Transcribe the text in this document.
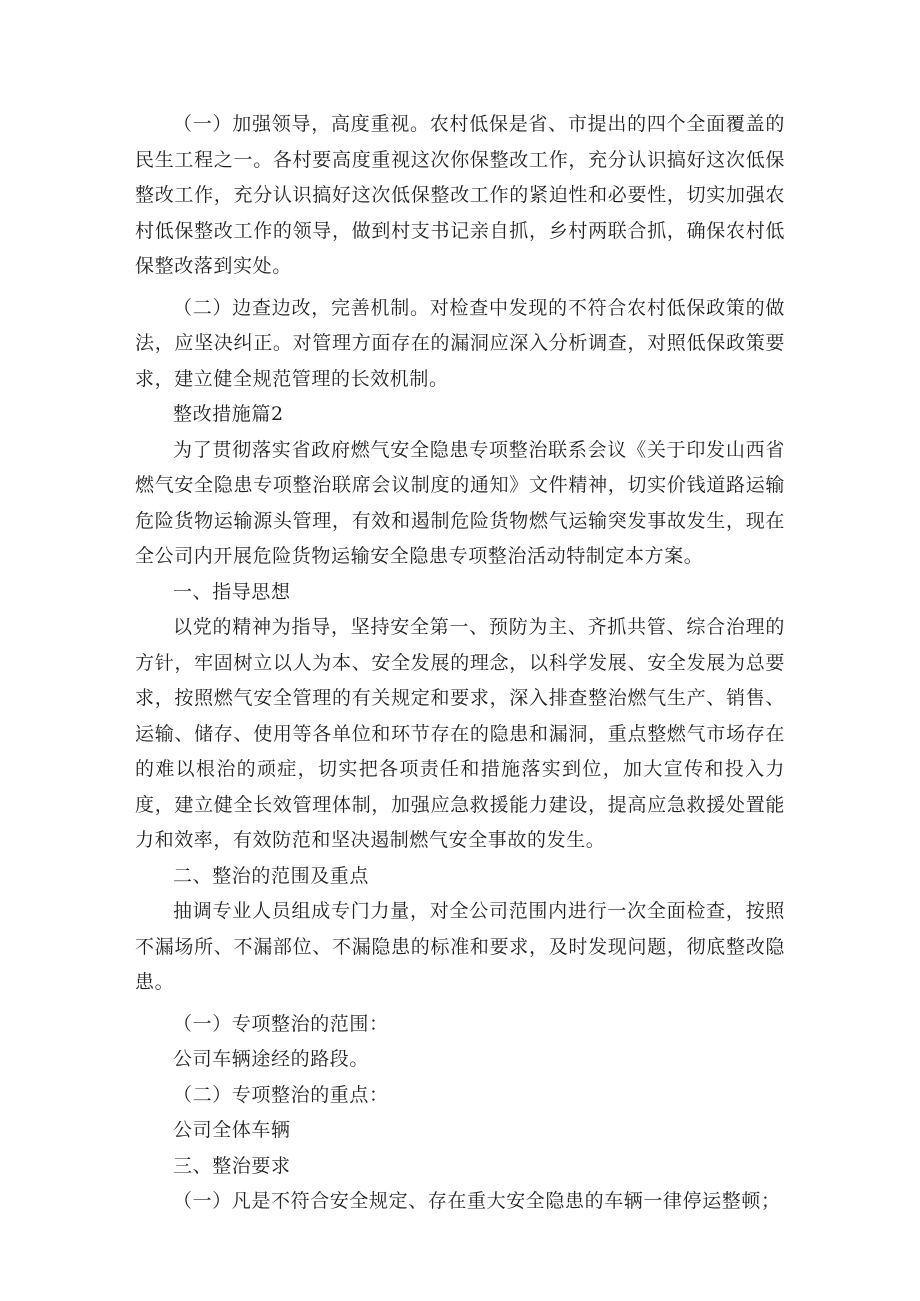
（一）加强领导，高度重视。农村低保是省、市提出的四个全面覆盖的民生工程之一。各村要高度重视这次你保整改工作，充分认识搞好这次低保整改工作，充分认识搞好这次低保整改工作的紧迫性和必要性，切实加强农村低保整改工作的领导，做到村支书记亲自抓，乡村两联合抓，确保农村低保整改落到实处。

（二）边查边改，完善机制。对检查中发现的不符合农村低保政策的做法，应坚决纠正。对管理方面存在的漏洞应深入分析调查，对照低保政策要求，建立健全规范管理的长效机制。

整改措施篇2

为了贯彻落实省政府燃气安全隐患专项整治联系会议《关于印发山西省燃气安全隐患专项整治联席会议制度的通知》文件精神，切实价钱道路运输危险货物运输源头管理，有效和遏制危险货物燃气运输突发事故发生，现在全公司内开展危险货物运输安全隐患专项整治活动特制定本方案。

一、指导思想

以党的精神为指导，坚持安全第一、预防为主、齐抓共管、综合治理的方针，牢固树立以人为本、安全发展的理念，以科学发展、安全发展为总要求，按照燃气安全管理的有关规定和要求，深入排查整治燃气生产、销售、运输、储存、使用等各单位和环节存在的隐患和漏洞，重点整燃气市场存在的难以根治的顽症，切实把各项责任和措施落实到位，加大宣传和投入力度，建立健全长效管理体制，加强应急救援能力建设，提高应急救援处置能力和效率，有效防范和坚决遏制燃气安全事故的发生。

二、整治的范围及重点

抽调专业人员组成专门力量，对全公司范围内进行一次全面检查，按照不漏场所、不漏部位、不漏隐患的标准和要求，及时发现问题，彻底整改隐患。

（一）专项整治的范围：

公司车辆途经的路段。

（二）专项整治的重点：

公司全体车辆

三、整治要求

（一）凡是不符合安全规定、存在重大安全隐患的车辆一律停运整顿；
